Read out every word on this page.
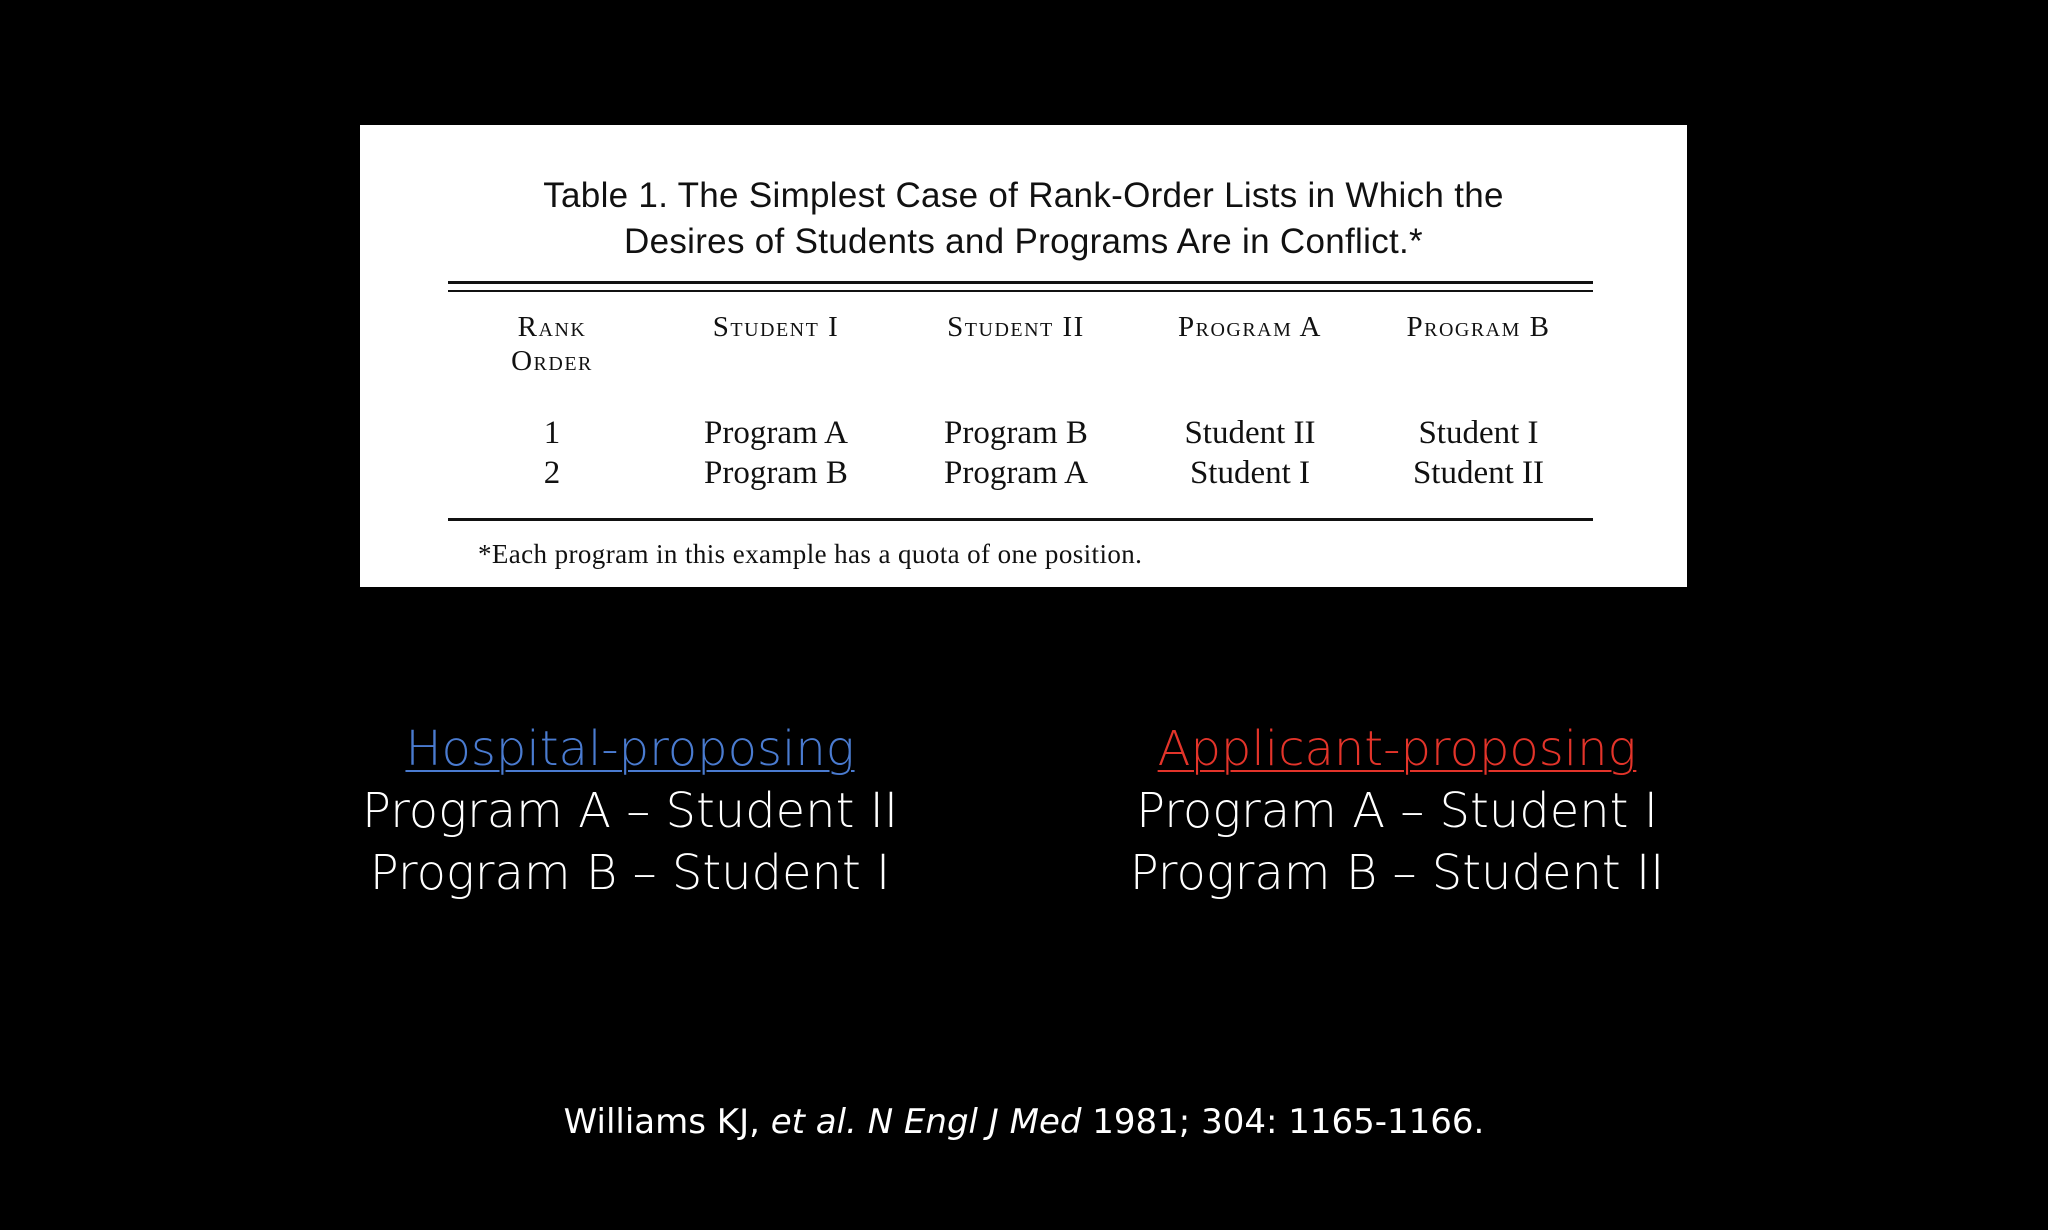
Table 1. The Simplest Case of Rank-Order Lists in Which the
Desires of Students and Programs Are in Conflict.*
Rank
Order	Student I	Student II	Program A	Program B
1	Program A	Program B	Student II	Student I
2	Program B	Program A	Student I	Student II
*Each program in this example has a quota of one position.
Hospital-proposing
Program A – Student II
Program B – Student I
Applicant-proposing
Program A – Student I
Program B – Student II
Williams KJ, et al. N Engl J Med 1981; 304: 1165-1166.
